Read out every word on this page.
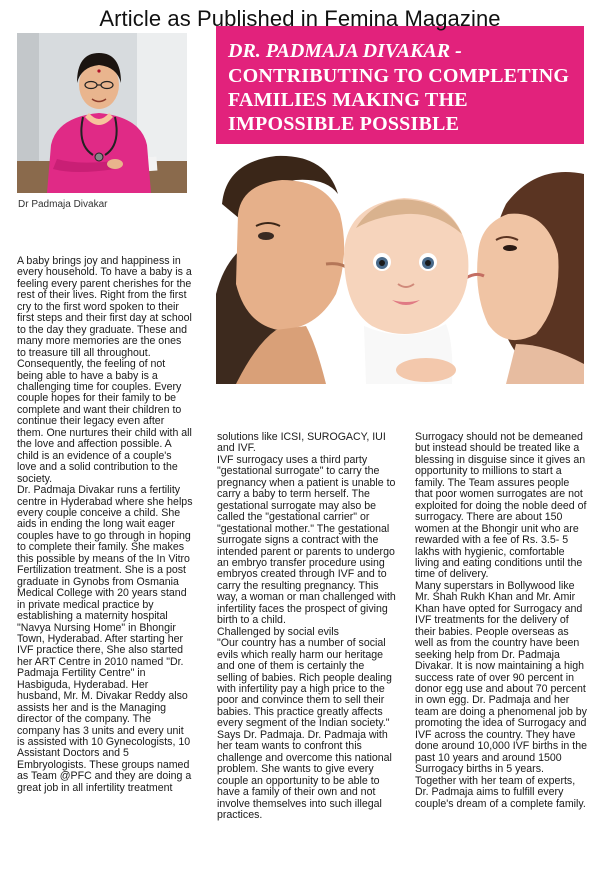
Article as Published in Femina Magazine
Dr Padmaja Divakar
DR. PADMAJA DIVAKAR -
CONTRIBUTING TO COMPLETING
FAMILIES MAKING THE
IMPOSSIBLE POSSIBLE

A baby brings joy and happiness in every household. To have a baby is a feeling every parent cherishes for the rest of their lives. Right from the first cry to the first word spoken to their first steps and their first day at school to the day they graduate. These and many more memories are the ones to treasure till all throughout.

Consequently, the feeling of not being able to have a baby is a challenging time for couples. Every couple hopes for their family to be complete and want their children to continue their legacy even after them. One nurtures their child with all the love and affection possible. A child is an evidence of a couple's love and a solid contribution to the society.

Dr. Padmaja Divakar runs a fertility centre in Hyderabad where she helps every couple conceive a child. She aids in ending the long wait eager couples have to go through in hoping to complete their family. She makes this possible by means of the In Vitro Fertilization treatment. She is a post graduate in Gynobs from Osmania Medical College with 20 years stand in private medical practice by establishing a maternity hospital "Navya Nursing Home" in Bhongir Town, Hyderabad. After starting her IVF practice there, She also started her ART Centre in 2010 named "Dr. Padmaja Fertility Centre" in Hasbiguda, Hyderabad. Her husband, Mr. M. Divakar Reddy also assists her and is the Managing director of the company. The company has 3 units and every unit is assisted with 10 Gynecologists, 10 Assistant Doctors and 5 Embryologists. These groups named as Team @PFC and they are doing a great job in all infertility treatment

solutions like ICSI, SUROGACY, IUI and IVF.

IVF surrogacy uses a third party "gestational surrogate" to carry the pregnancy when a patient is unable to carry a baby to term herself. The gestational surrogate may also be called the "gestational carrier" or "gestational mother." The gestational surrogate signs a contract with the intended parent or parents to undergo an embryo transfer procedure using embryos created through IVF and to carry the resulting pregnancy. This way, a woman or man challenged with infertility faces the prospect of giving birth to a child.

Challenged by social evils

"Our country has a number of social evils which really harm our heritage and one of them is certainly the selling of babies. Rich people dealing with infertility pay a high price to the poor and convince them to sell their babies. This practice greatly affects every segment of the Indian society." Says Dr. Padmaja. Dr. Padmaja with her team wants to confront this challenge and overcome this national problem. She wants to give every couple an opportunity to be able to have a family of their own and not involve themselves into such illegal practices.

Surrogacy should not be demeaned but instead should be treated like a blessing in disguise since it gives an opportunity to millions to start a family. The Team assures people that poor women surrogates are not exploited for doing the noble deed of surrogacy. There are about 150 women at the Bhongir unit who are rewarded with a fee of Rs. 3.5- 5 lakhs with hygienic, comfortable living and eating conditions until the time of delivery.

Many superstars in Bollywood like Mr. Shah Rukh Khan and Mr. Amir Khan have opted for Surrogacy and IVF treatments for the delivery of their babies. People overseas as well as from the country have been seeking help from Dr. Padmaja Divakar. It is now maintaining a high success rate of over 90 percent in donor egg use and about 70 percent in own egg. Dr. Padmaja and her team are doing a phenomenal job by promoting the idea of Surrogacy and IVF across the country. They have done around 10,000 IVF births in the past 10 years and around 1500 Surrogacy births in 5 years. Together with her team of experts, Dr. Padmaja aims to fulfill every couple's dream of a complete family.
